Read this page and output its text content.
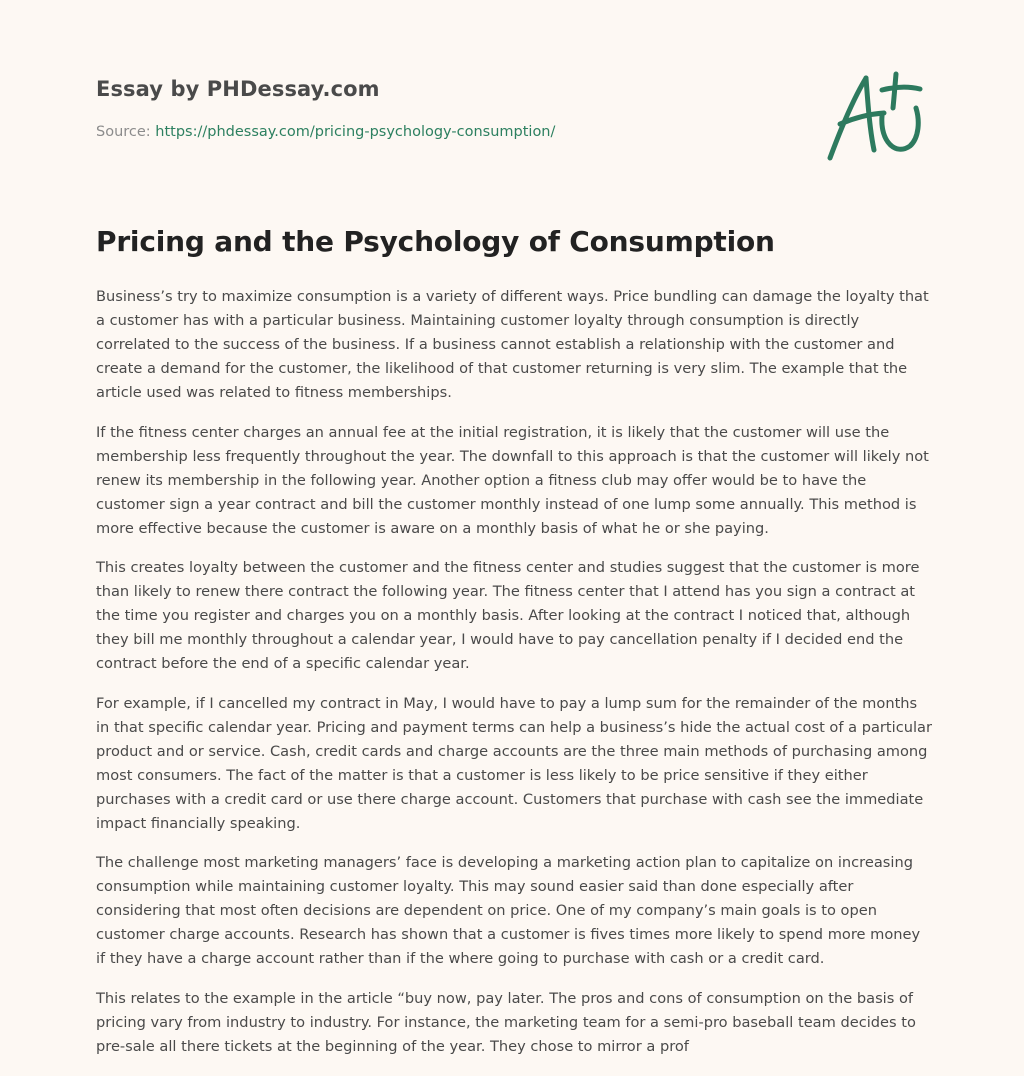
Essay by PHDessay.com
Source: https://phdessay.com/pricing-psychology-consumption/
Pricing and the Psychology of Consumption

Business’s try to maximize consumption is a variety of different ways. Price bundling can damage the loyalty that a customer has with a particular business. Maintaining customer loyalty through consumption is directly correlated to the success of the business. If a business cannot establish a relationship with the customer and create a demand for the customer, the likelihood of that customer returning is very slim. The example that the article used was related to fitness memberships.

If the fitness center charges an annual fee at the initial registration, it is likely that the customer will use the membership less frequently throughout the year. The downfall to this approach is that the customer will likely not renew its membership in the following year. Another option a fitness club may offer would be to have the customer sign a year contract and bill the customer monthly instead of one lump some annually. This method is more effective because the customer is aware on a monthly basis of what he or she paying.

This creates loyalty between the customer and the fitness center and studies suggest that the customer is more than likely to renew there contract the following year. The fitness center that I attend has you sign a contract at the time you register and charges you on a monthly basis. After looking at the contract I noticed that, although they bill me monthly throughout a calendar year, I would have to pay cancellation penalty if I decided end the contract before the end of a specific calendar year.

For example, if I cancelled my contract in May, I would have to pay a lump sum for the remainder of the months in that specific calendar year. Pricing and payment terms can help a business’s hide the actual cost of a particular product and or service. Cash, credit cards and charge accounts are the three main methods of purchasing among most consumers. The fact of the matter is that a customer is less likely to be price sensitive if they either purchases with a credit card or use there charge account. Customers that purchase with cash see the immediate impact financially speaking.

The challenge most marketing managers’ face is developing a marketing action plan to capitalize on increasing consumption while maintaining customer loyalty. This may sound easier said than done especially after considering that most often decisions are dependent on price. One of my company’s main goals is to open customer charge accounts. Research has shown that a customer is fives times more likely to spend more money if they have a charge account rather than if the where going to purchase with cash or a credit card.

This relates to the example in the article “buy now, pay later. The pros and cons of consumption on the basis of pricing vary from industry to industry. For instance, the marketing team for a semi-pro baseball team decides to pre-sale all there tickets at the beginning of the year. They chose to mirror a prof
